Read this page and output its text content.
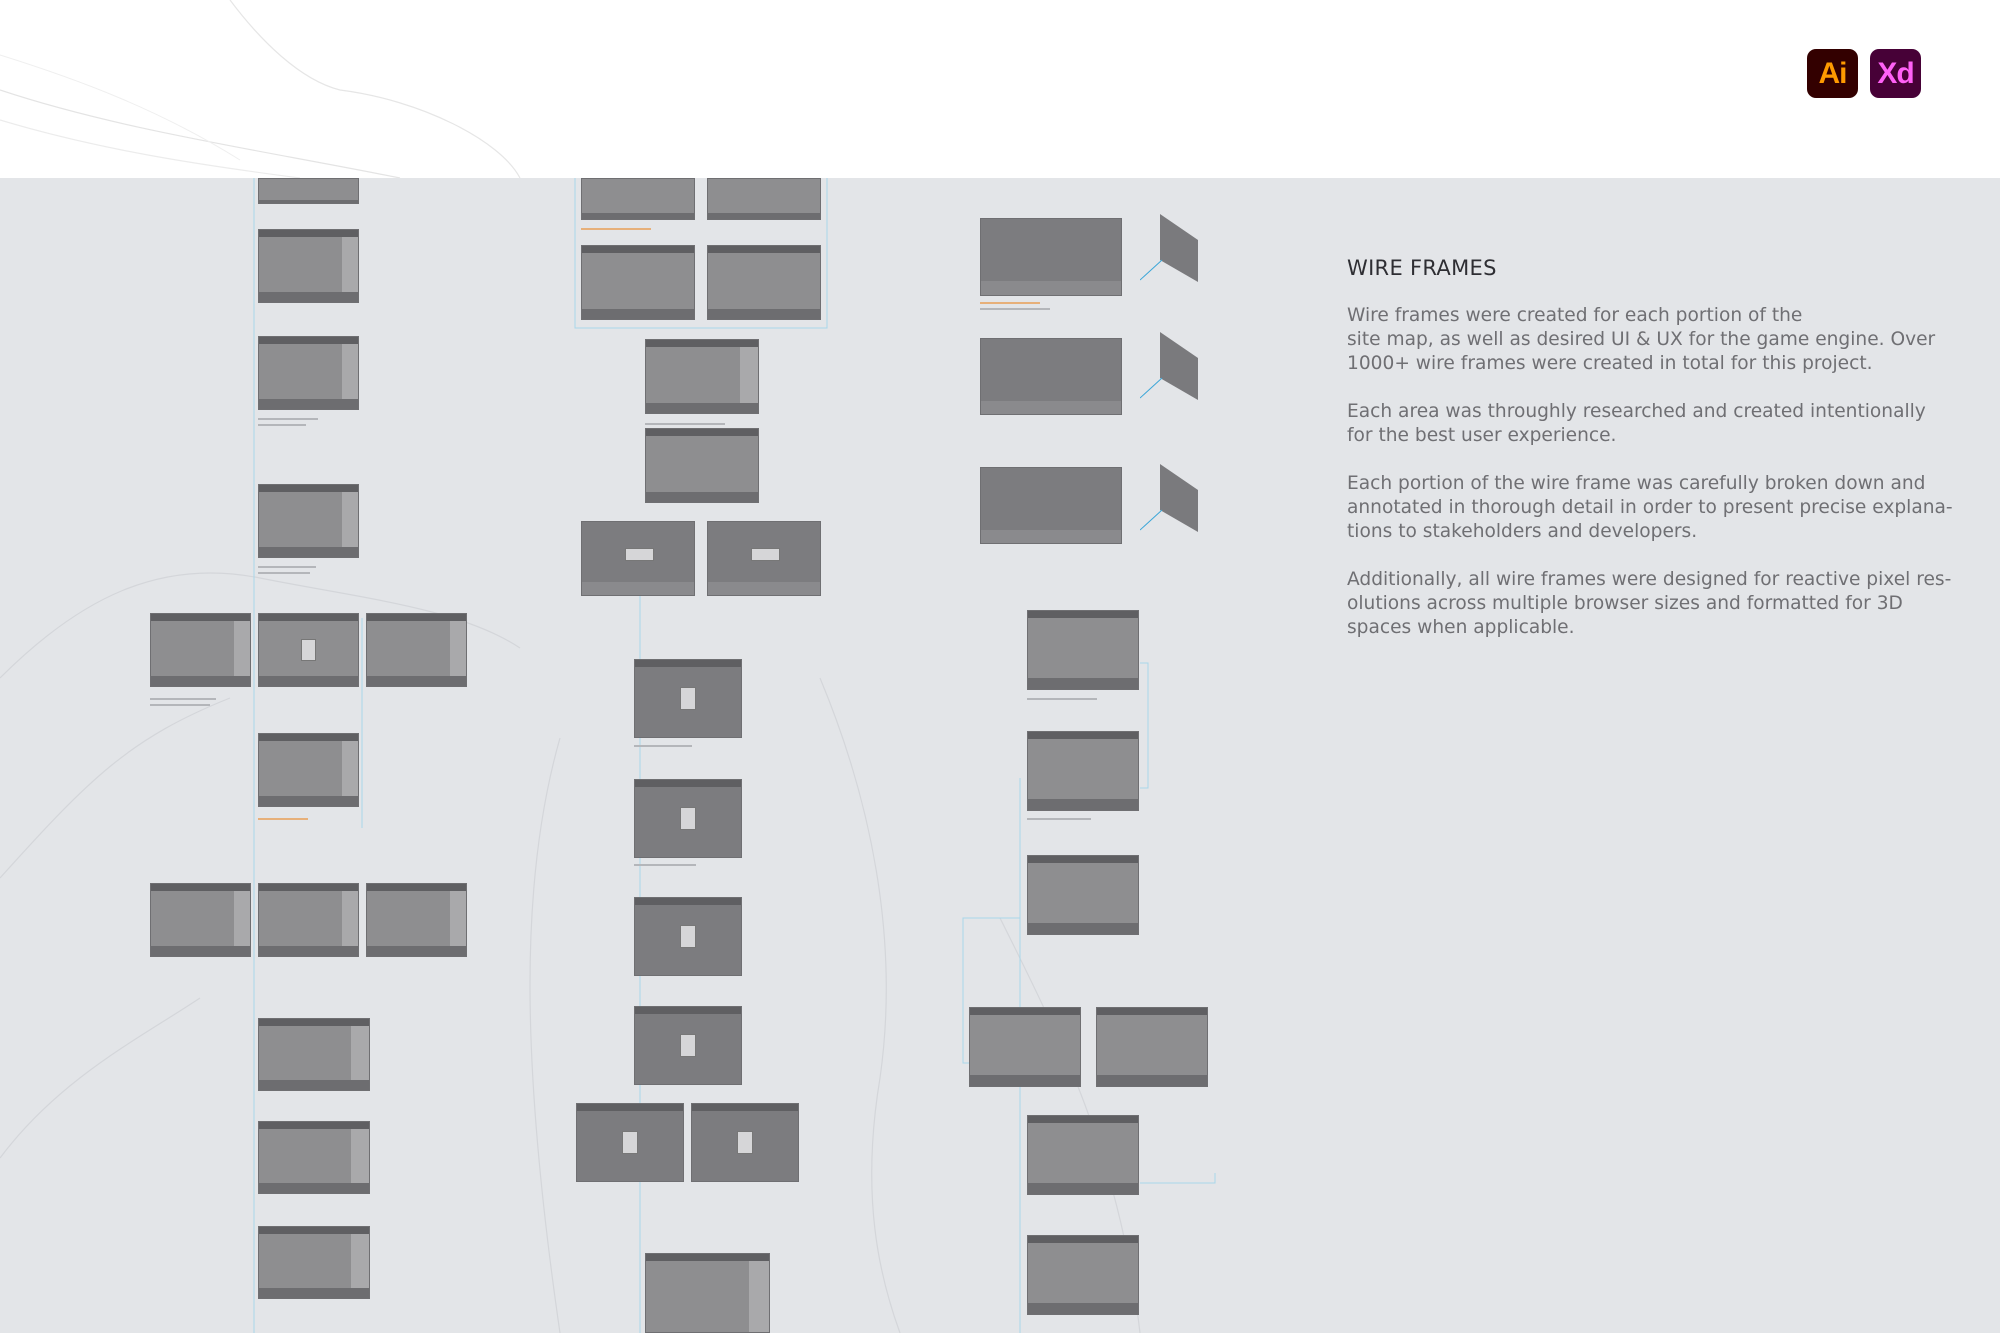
Ai	Xd
WIRE FRAMES

Wire frames were created for each portion of the
site map, as well as desired UI & UX for the game engine. Over
1000+ wire frames were created in total for this project.

Each area was throughly researched and created intentionally
for the best user experience.

Each portion of the wire frame was carefully broken down and
annotated in thorough detail in order to present precise explana-
tions to stakeholders and developers.

Additionally, all wire frames were designed for reactive pixel res-
olutions across multiple browser sizes and formatted for 3D
spaces when applicable.
